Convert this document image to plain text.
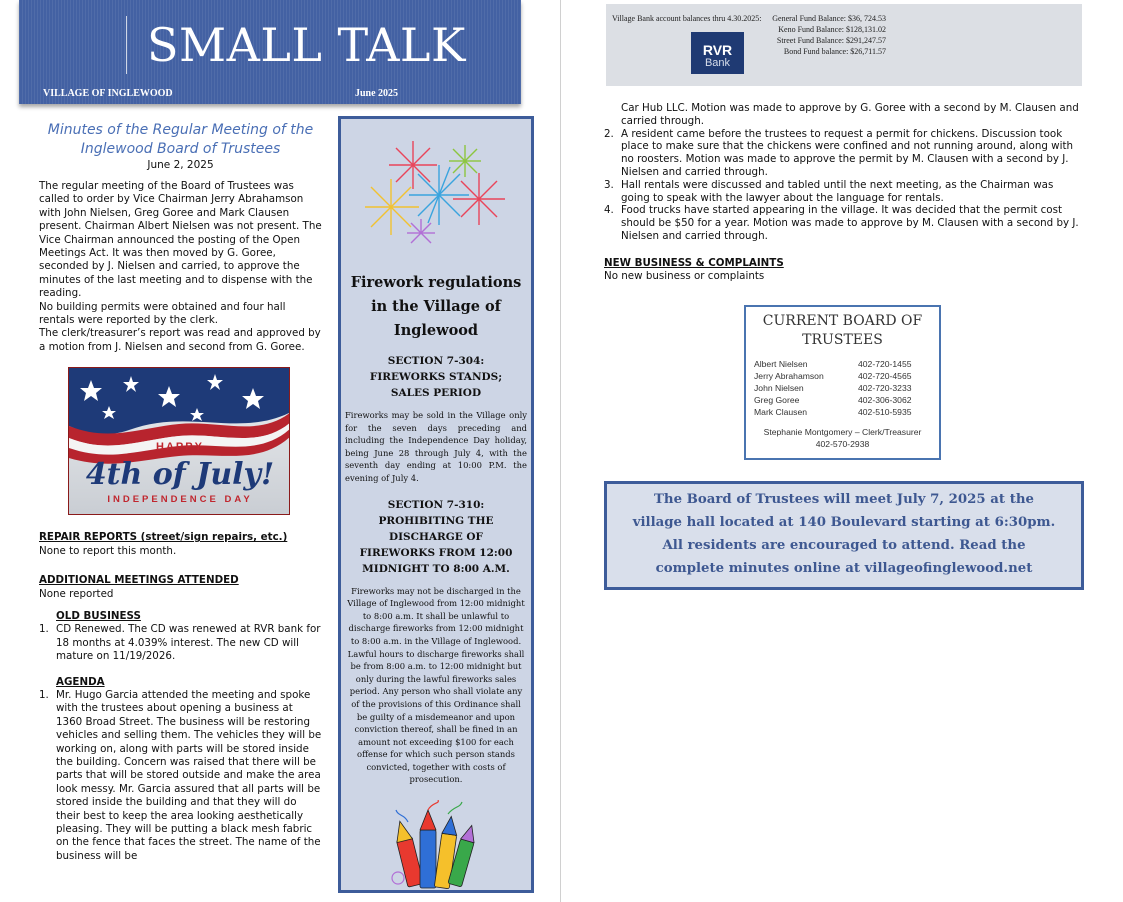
SMALL TALK
VILLAGE OF INGLEWOOD	June 2025
Minutes of the Regular Meeting of the Inglewood Board of Trustees
June 2, 2025

The regular meeting of the Board of Trustees was called to order by Vice Chairman Jerry Abrahamson with John Nielsen, Greg Goree and Mark Clausen present. Chairman Albert Nielsen was not present. The Vice Chairman announced the posting of the Open Meetings Act. It was then moved by G. Goree, seconded by J. Nielsen and carried, to approve the minutes of the last meeting and to dispense with the reading.

No building permits were obtained and four hall rentals were reported by the clerk.

The clerk/treasurer’s report was read and approved by a motion from J. Nielsen and second from G. Goree.

HAPPY
4th of July!
INDEPENDENCE DAY
REPAIR REPORTS (street/sign repairs, etc.)
None to report this month.
ADDITIONAL MEETINGS ATTENDED
None reported
OLD BUSINESS
1. CD Renewed. The CD was renewed at RVR bank for 18 months at 4.039% interest. The new CD will mature on 11/19/2026.
AGENDA
1. Mr. Hugo Garcia attended the meeting and spoke with the trustees about opening a business at 1360 Broad Street. The business will be restoring vehicles and selling them. The vehicles they will be working on, along with parts will be stored inside the building. Concern was raised that there will be parts that will be stored outside and make the area look messy. Mr. Garcia assured that all parts will be stored inside the building and that they will do their best to keep the area looking aesthetically pleasing. They will be putting a black mesh fabric on the fence that faces the street. The name of the business will be
Firework regulations in the Village of Inglewood
SECTION 7-304: FIREWORKS STANDS; SALES PERIOD
Fireworks may be sold in the Village only for the seven days preceding and including the Independence Day holiday, being June 28 through July 4, with the seventh day ending at 10:00 P.M. the evening of July 4.
SECTION 7-310: PROHIBITING THE DISCHARGE OF FIREWORKS FROM 12:00 MIDNIGHT TO 8:00 A.M.
Fireworks may not be discharged in the Village of Inglewood from 12:00 midnight to 8:00 a.m. It shall be unlawful to discharge fireworks from 12:00 midnight to 8:00 a.m. in the Village of Inglewood. Lawful hours to discharge fireworks shall be from 8:00 a.m. to 12:00 midnight but only during the lawful fireworks sales period. Any person who shall violate any of the provisions of this Ordinance shall be guilty of a misdemeanor and upon conviction thereof, shall be fined in an amount not exceeding $100 for each offense for which such person stands convicted, together with costs of prosecution.
Village Bank account balances thru 4.30.2025:
RVR
Bank
General Fund Balance: $36, 724.53
Keno Fund Balance: $128,131.02
Street Fund Balance: $291,247.57
Bond Fund balance: $26,711.57
Car Hub LLC. Motion was made to approve by G. Goree with a second by M. Clausen and carried through.
2. A resident came before the trustees to request a permit for chickens. Discussion took place to make sure that the chickens were confined and not running around, along with no roosters. Motion was made to approve the permit by M. Clausen with a second by J. Nielsen and carried through.
3. Hall rentals were discussed and tabled until the next meeting, as the Chairman was going to speak with the lawyer about the language for rentals.
4. Food trucks have started appearing in the village. It was decided that the permit cost should be $50 for a year. Motion was made to approve by M. Clausen with a second by J. Nielsen and carried through.
NEW BUSINESS & COMPLAINTS
No new business or complaints
CURRENT BOARD OF TRUSTEES
Albert Nielsen	402-720-1455
Jerry Abrahamson	402-720-4565
John Nielsen	402-720-3233
Greg Goree	402-306-3062
Mark Clausen	402-510-5935
Stephanie Montgomery – Clerk/Treasurer
402-570-2938
The Board of Trustees will meet July 7, 2025 at the village hall located at 140 Boulevard starting at 6:30pm. All residents are encouraged to attend. Read the complete minutes online at villageofinglewood.net
